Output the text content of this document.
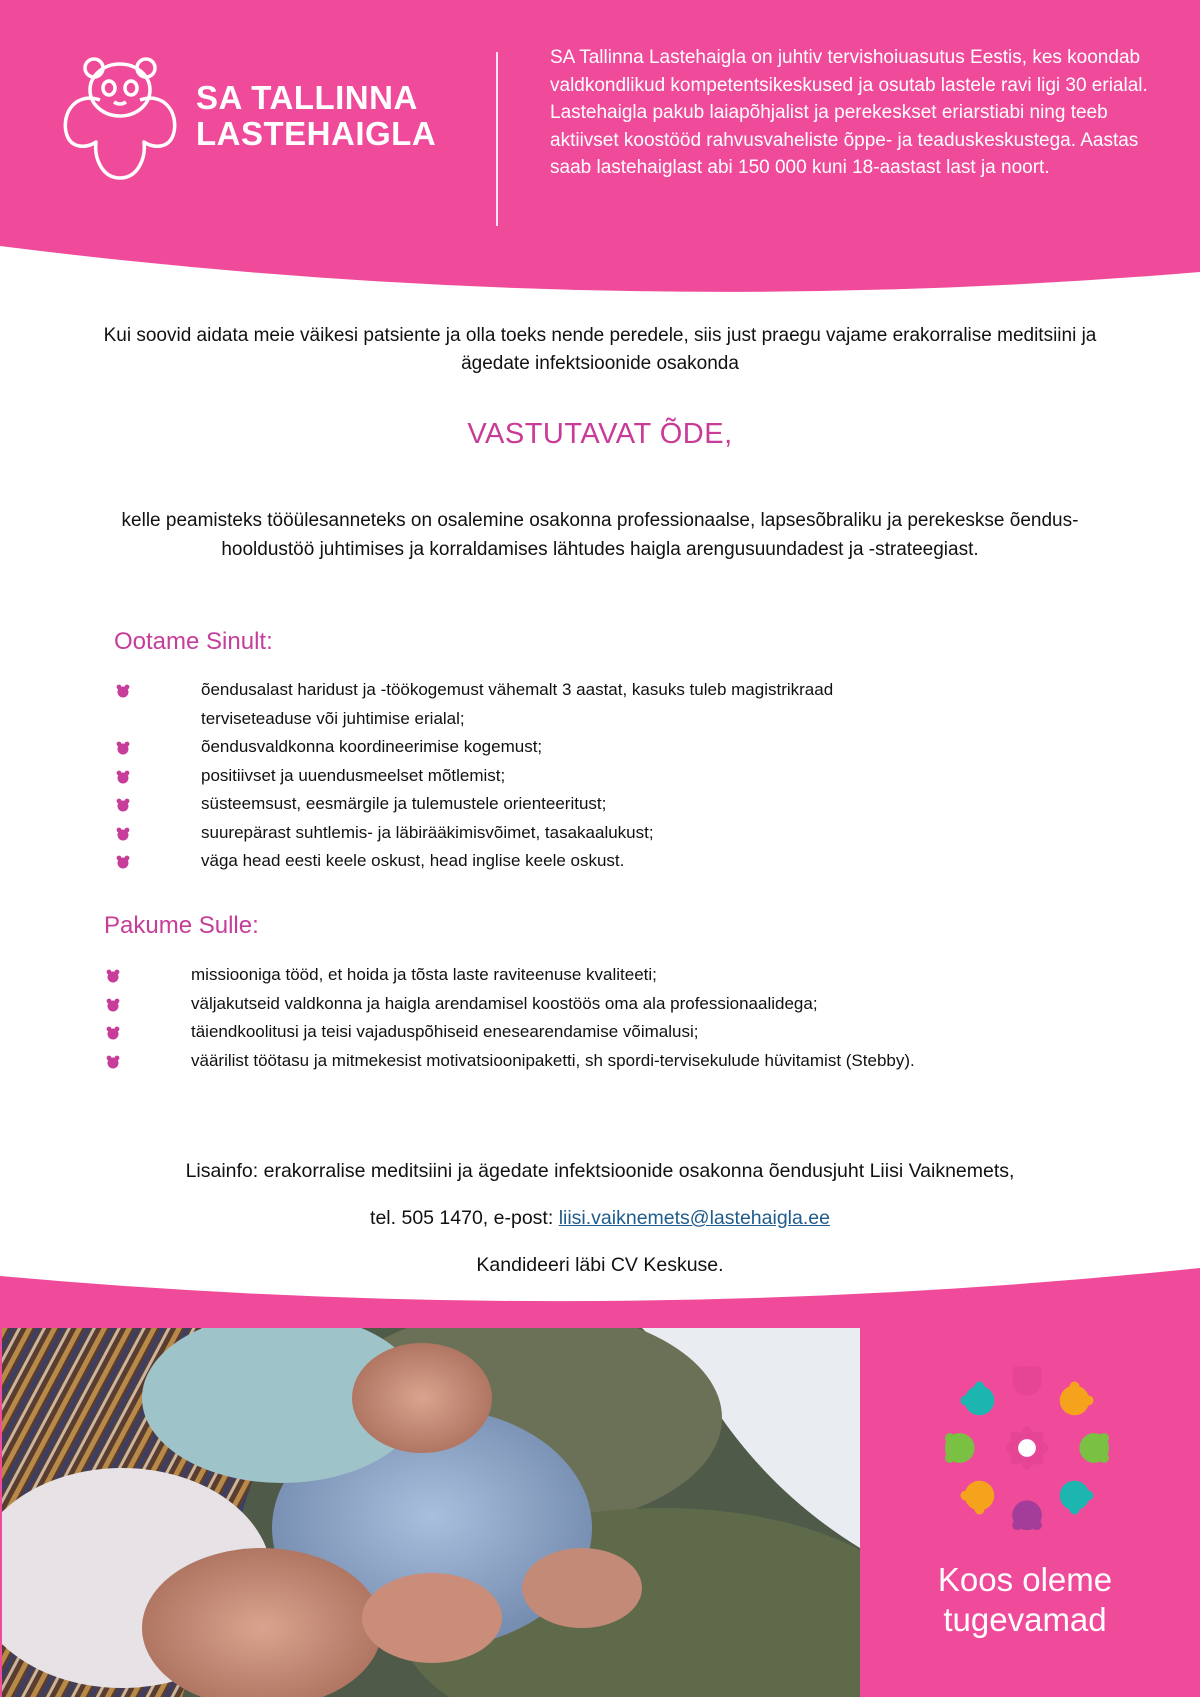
SA TALLINNA
LASTEHAIGLA
SA Tallinna Lastehaigla on juhtiv tervishoiuasutus Eestis, kes koondab valdkondlikud kompetentsikeskused ja osutab lastele ravi ligi 30 erialal. Lastehaigla pakub laiapõhjalist ja perekeskset eriarstiabi ning teeb aktiivset koostööd rahvusvaheliste õppe- ja teaduskeskustega. Aastas saab lastehaiglast abi 150 000 kuni 18-aastast last ja noort.
Kui soovid aidata meie väikesi patsiente ja olla toeks nende peredele, siis just praegu vajame erakorralise meditsiini ja ägedate infektsioonide osakonda
VASTUTAVAT ÕDE,
kelle peamisteks tööülesanneteks on osalemine osakonna professionaalse, lapsesõbraliku ja perekeskse õendus-hooldustöö juhtimises ja korraldamises lähtudes haigla arengusuundadest ja -strateegiast.
Ootame Sinult:
õendusalast haridust ja -töökogemust vähemalt 3 aastat, kasuks tuleb magistrikraad terviseteaduse või juhtimise erialal;
õendusvaldkonna koordineerimise kogemust;
positiivset ja uuendusmeelset mõtlemist;
süsteemsust, eesmärgile ja tulemustele orienteeritust;
suurepärast suhtlemis- ja läbirääkimisvõimet, tasakaalukust;
väga head eesti keele oskust, head inglise keele oskust.
Pakume Sulle:
missiooniga tööd, et hoida ja tõsta laste raviteenuse kvaliteeti;
väljakutseid valdkonna ja haigla arendamisel koostöös oma ala professionaalidega;
täiendkoolitusi ja teisi vajaduspõhiseid enesearendamise võimalusi;
väärilist töötasu ja mitmekesist motivatsioonipaketti, sh spordi-tervisekulude hüvitamist (Stebby).
Lisainfo: erakorralise meditsiini ja ägedate infektsioonide osakonna õendusjuht Liisi Vaiknemets,
tel. 505 1470, e-post: liisi.vaiknemets@lastehaigla.ee
Kandideeri läbi CV Keskuse.
Koos oleme
tugevamad
